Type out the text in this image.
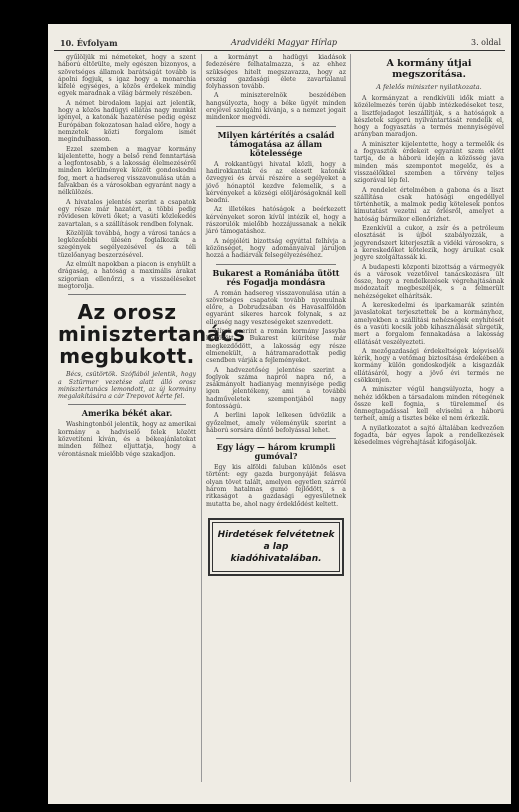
10. Évfolyam	Aradvidéki Magyar Hírlap	3. oldal

gyűlöljük mi németeket, hogy a szent háború eltörülte, mely egészen bizonyos, a szövetséges államok barátságát tovább is ápolni fogjuk, s igaz hogy a monarchia kifelé egységes, a közös érdekek mindig egyek maradnak a világ bármely részében.

A német birodalom lapjai azt jelentik, hogy a közös hadügyi ellátás nagy munkát igényel, a katonák hazatérése pedig egész Európában fokozatosan halad előre, hogy a nemzetek közti forgalom ismét megindulhasson.

Ezzel szemben a magyar kormány kijelentette, hogy a belső rend fenntartása a legfontosabb, s a lakosság élelmezéséről minden körülmények között gondoskodni fog, mert a hadsereg visszavonulása után a falvakban és a városokban egyaránt nagy a nélkülözés.

A hivatalos jelentés szerint a csapatok egy része már hazatért, a többi pedig rövidesen követi őket; a vasúti közlekedés zavartalan, s a szállítások rendben folynak.

Közöljük továbbá, hogy a városi tanács a legközelebbi ülésén foglalkozik a szegények segélyezésével és a téli tüzelőanyag beszerzésével.

Az elmúlt napokban a piacon is enyhült a drágaság, a hatóság a maximális árakat szigorúan ellenőrzi, s a visszaéléseket megtorolja.

Az orosz minisztertanács megbukott.

Bécs, csütörtök. Szófiából jelentik, hogy a Sztürmer vezetése alatt álló orosz minisztertanács lemondott, az új kormány megalakítására a cár Trepovot kérte fel.

Amerika békét akar.

Washingtonból jelentik, hogy az amerikai kormány a hadviselő felek között közvetíteni kíván, és a békeajánlatokat minden félhez eljuttatja, hogy a vérontásnak mielőbb vége szakadjon.

a kormányt a hadügyi kiadások fedezésére felhatalmazza, s az ehhez szükséges hitelt megszavazza, hogy az ország gazdasági élete zavartalanul folyhasson tovább.

A miniszterelnök beszédében hangsúlyozta, hogy a béke ügyét minden erejével szolgálni kívánja, s a nemzet jogait mindenkor megvédi.

Milyen kártérítés a család támogatása az állam kötelessége

A rokkantügyi hivatal közli, hogy a hadirokkantak és az elesett katonák özvegyei és árvái részére a segélyeket a jövő hónaptól kezdve felemelik, s a kérvényeket a községi elöljáróságoknál kell beadni.

Az illetékes hatóságok a beérkezett kérvényeket soron kívül intézik el, hogy a rászorulók mielőbb hozzájussanak a nekik járó támogatáshoz.

A népjóléti bizottság egyúttal felhívja a közönséget, hogy adományaival járuljon hozzá a hadiárvák felsegélyezéséhez.

Bukarest a Romániába ütött rés Fogadja mondásra

A román hadsereg visszavonulása után a szövetséges csapatok tovább nyomulnak előre, a Dobrudzsában és Havasalföldön egyaránt sikeres harcok folynak, s az ellenség nagy veszteségeket szenvedett.

Hírek szerint a román kormány Jassyba költözött, Bukarest kiürítése már megkezdődött, a lakosság egy része elmenekült, a hátramaradottak pedig csendben várják a fejleményeket.

A hadvezetőség jelentése szerint a foglyok száma napról napra nő, a zsákmányolt hadianyag mennyisége pedig igen jelentékeny, ami a további hadműveletek szempontjából nagy fontosságú.

A berlini lapok lelkesen üdvözlik a győzelmet, amely véleményük szerint a háború sorsára döntő befolyással lehet.

Egy lágy — három krumpli gumóval?

Egy kis alföldi faluban különös eset történt: egy gazda burgonyáját felásva olyan tövet talált, amelyen egyetlen szárról három hatalmas gumó fejlődött, s a ritkaságot a gazdasági egyesületnek mutatta be, ahol nagy érdeklődést keltett.

Hirdetések felvétetnek a lap kiadóhivatalában.
A kormány útjai megszorítása.
A felelős miniszter nyilatkozata.

A kormányzat a rendkívüli idők miatt a közélelmezés terén újabb intézkedéseket tesz, a lisztfejadagot leszállítják, s a hatóságok a készletek szigorú nyilvántartását rendelik el, hogy a fogyasztás a termés mennyiségével arányban maradjon.

A miniszter kijelentette, hogy a termelők és a fogyasztók érdekeit egyaránt szem előtt tartja, de a háború idején a közösség java minden más szempontot megelőz, és a visszaélőkkel szemben a törvény teljes szigorával lép fel.

A rendelet értelmében a gabona és a liszt szállítása csak hatósági engedéllyel történhetik, a malmok pedig kötelesek pontos kimutatást vezetni az őrlésről, amelyet a hatóság bármikor ellenőrizhet.

Ezenkívül a cukor, a zsír és a petróleum elosztását is újból szabályozzák, a jegyrendszert kiterjesztik a vidéki városokra, s a kereskedőket kötelezik, hogy áruikat csak jegyre szolgáltassák ki.

A budapesti központi bizottság a vármegyék és a városok vezetőivel tanácskozásra ült össze, hogy a rendelkezések végrehajtásának módozatait megbeszéljék, s a felmerült nehézségeket elhárítsák.

A kereskedelmi és iparkamarák szintén javaslatokat terjesztettek be a kormányhoz, amelyekben a szállítási nehézségek enyhítését és a vasúti kocsik jobb kihasználását sürgetik, mert a forgalom fennakadása a lakosság ellátását veszélyezteti.

A mezőgazdasági érdekeltségek képviselői kérik, hogy a vetőmag biztosítása érdekében a kormány külön gondoskodjék a kisgazdák ellátásáról, hogy a jövő évi termés ne csökkenjen.

A miniszter végül hangsúlyozta, hogy a nehéz időkben a társadalom minden rétegének össze kell fognia, s türelemmel és önmegtagadással kell elviselni a háború terheit, amíg a tisztes béke el nem érkezik.

A nyilatkozatot a sajtó általában kedvezően fogadta, bár egyes lapok a rendelkezések késedelmes végrehajtását kifogásolják.
